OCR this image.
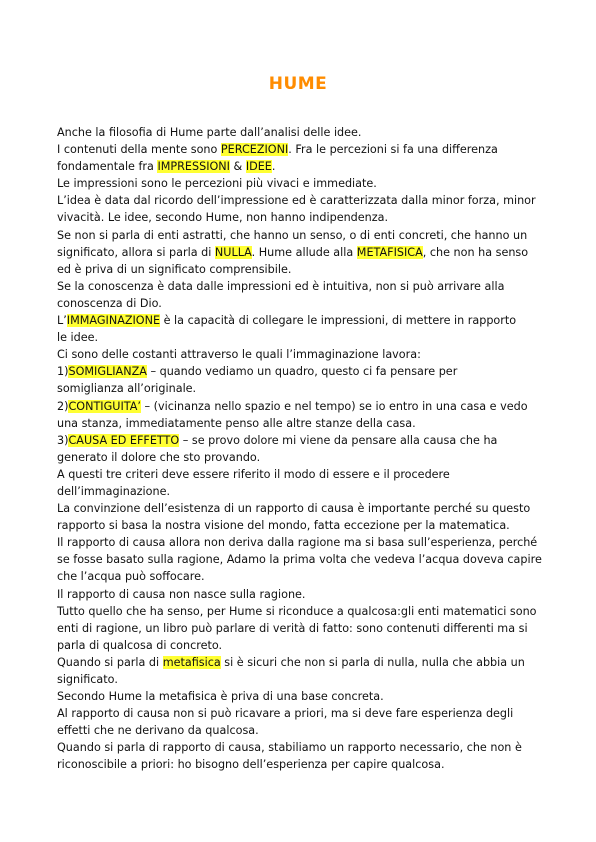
HUME
Anche la filosofia di Hume parte dall’analisi delle idee.
I contenuti della mente sono PERCEZIONI. Fra le percezioni si fa una differenza
fondamentale fra IMPRESSIONI & IDEE.
Le impressioni sono le percezioni più vivaci e immediate.
L’idea è data dal ricordo dell’impressione ed è caratterizzata dalla minor forza, minor
vivacità. Le idee, secondo Hume, non hanno indipendenza.
Se non si parla di enti astratti, che hanno un senso, o di enti concreti, che hanno un
significato, allora si parla di NULLA. Hume allude alla METAFISICA, che non ha senso
ed è priva di un significato comprensibile.
Se la conoscenza è data dalle impressioni ed è intuitiva, non si può arrivare alla
conoscenza di Dio.
L’IMMAGINAZIONE è la capacità di collegare le impressioni, di mettere in rapporto
le idee.
Ci sono delle costanti attraverso le quali l’immaginazione lavora:
1)SOMIGLIANZA – quando vediamo un quadro, questo ci fa pensare per
somiglianza all’originale.
2)CONTIGUITA’ – (vicinanza nello spazio e nel tempo) se io entro in una casa e vedo
una stanza, immediatamente penso alle altre stanze della casa.
3)CAUSA ED EFFETTO – se provo dolore mi viene da pensare alla causa che ha
generato il dolore che sto provando.
A questi tre criteri deve essere riferito il modo di essere e il procedere
dell’immaginazione.
La convinzione dell’esistenza di un rapporto di causa è importante perché su questo
rapporto si basa la nostra visione del mondo, fatta eccezione per la matematica.
Il rapporto di causa allora non deriva dalla ragione ma si basa sull’esperienza, perché
se fosse basato sulla ragione, Adamo la prima volta che vedeva l’acqua doveva capire
che l’acqua può soffocare.
Il rapporto di causa non nasce sulla ragione.
Tutto quello che ha senso, per Hume si riconduce a qualcosa:gli enti matematici sono
enti di ragione, un libro può parlare di verità di fatto: sono contenuti differenti ma si
parla di qualcosa di concreto.
Quando si parla di metafisica si è sicuri che non si parla di nulla, nulla che abbia un
significato.
Secondo Hume la metafisica è priva di una base concreta.
Al rapporto di causa non si può ricavare a priori, ma si deve fare esperienza degli
effetti che ne derivano da qualcosa.
Quando si parla di rapporto di causa, stabiliamo un rapporto necessario, che non è
riconoscibile a priori: ho bisogno dell’esperienza per capire qualcosa.
